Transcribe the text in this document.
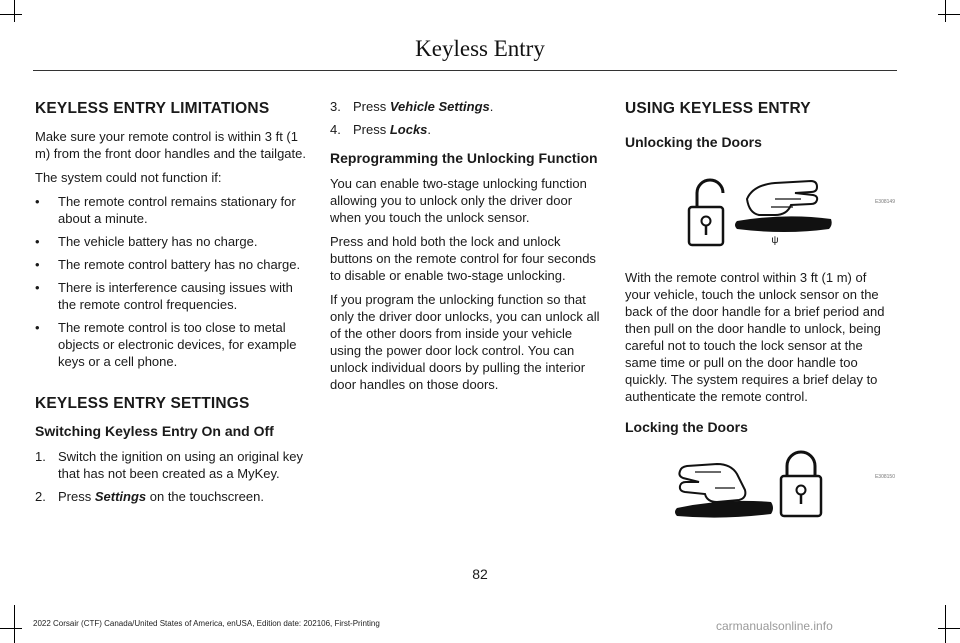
Keyless Entry
KEYLESS ENTRY LIMITATIONS

Make sure your remote control is within 3 ft (1 m) from the front door handles and the tailgate.

The system could not function if:

• The remote control remains stationary for about a minute.
• The vehicle battery has no charge.
• The remote control battery has no charge.
• There is interference causing issues with the remote control frequencies.
• The remote control is too close to metal objects or electronic devices, for example keys or a cell phone.
KEYLESS ENTRY SETTINGS
Switching Keyless Entry On and Off
1. Switch the ignition on using an original key that has not been created as a MyKey.
2. Press Settings on the touchscreen.
3. Press Vehicle Settings.
4. Press Locks.
Reprogramming the Unlocking Function

You can enable two-stage unlocking function allowing you to unlock only the driver door when you touch the unlock sensor.

Press and hold both the lock and unlock buttons on the remote control for four seconds to disable or enable two-stage unlocking.

If you program the unlocking function so that only the driver door unlocks, you can unlock all of the other doors from inside your vehicle using the power door lock control. You can unlock individual doors by pulling the interior door handles on those doors.

USING KEYLESS ENTRY
Unlocking the Doors
ψ
E308149

With the remote control within 3 ft (1 m) of your vehicle, touch the unlock sensor on the back of the door handle for a brief period and then pull on the door handle to unlock, being careful not to touch the lock sensor at the same time or pull on the door handle too quickly. The system requires a brief delay to authenticate the remote control.

Locking the Doors
E308150
82
2022 Corsair (CTF) Canada/United States of America, enUSA, Edition date: 202106, First-Printing	carmanualsonline.info
